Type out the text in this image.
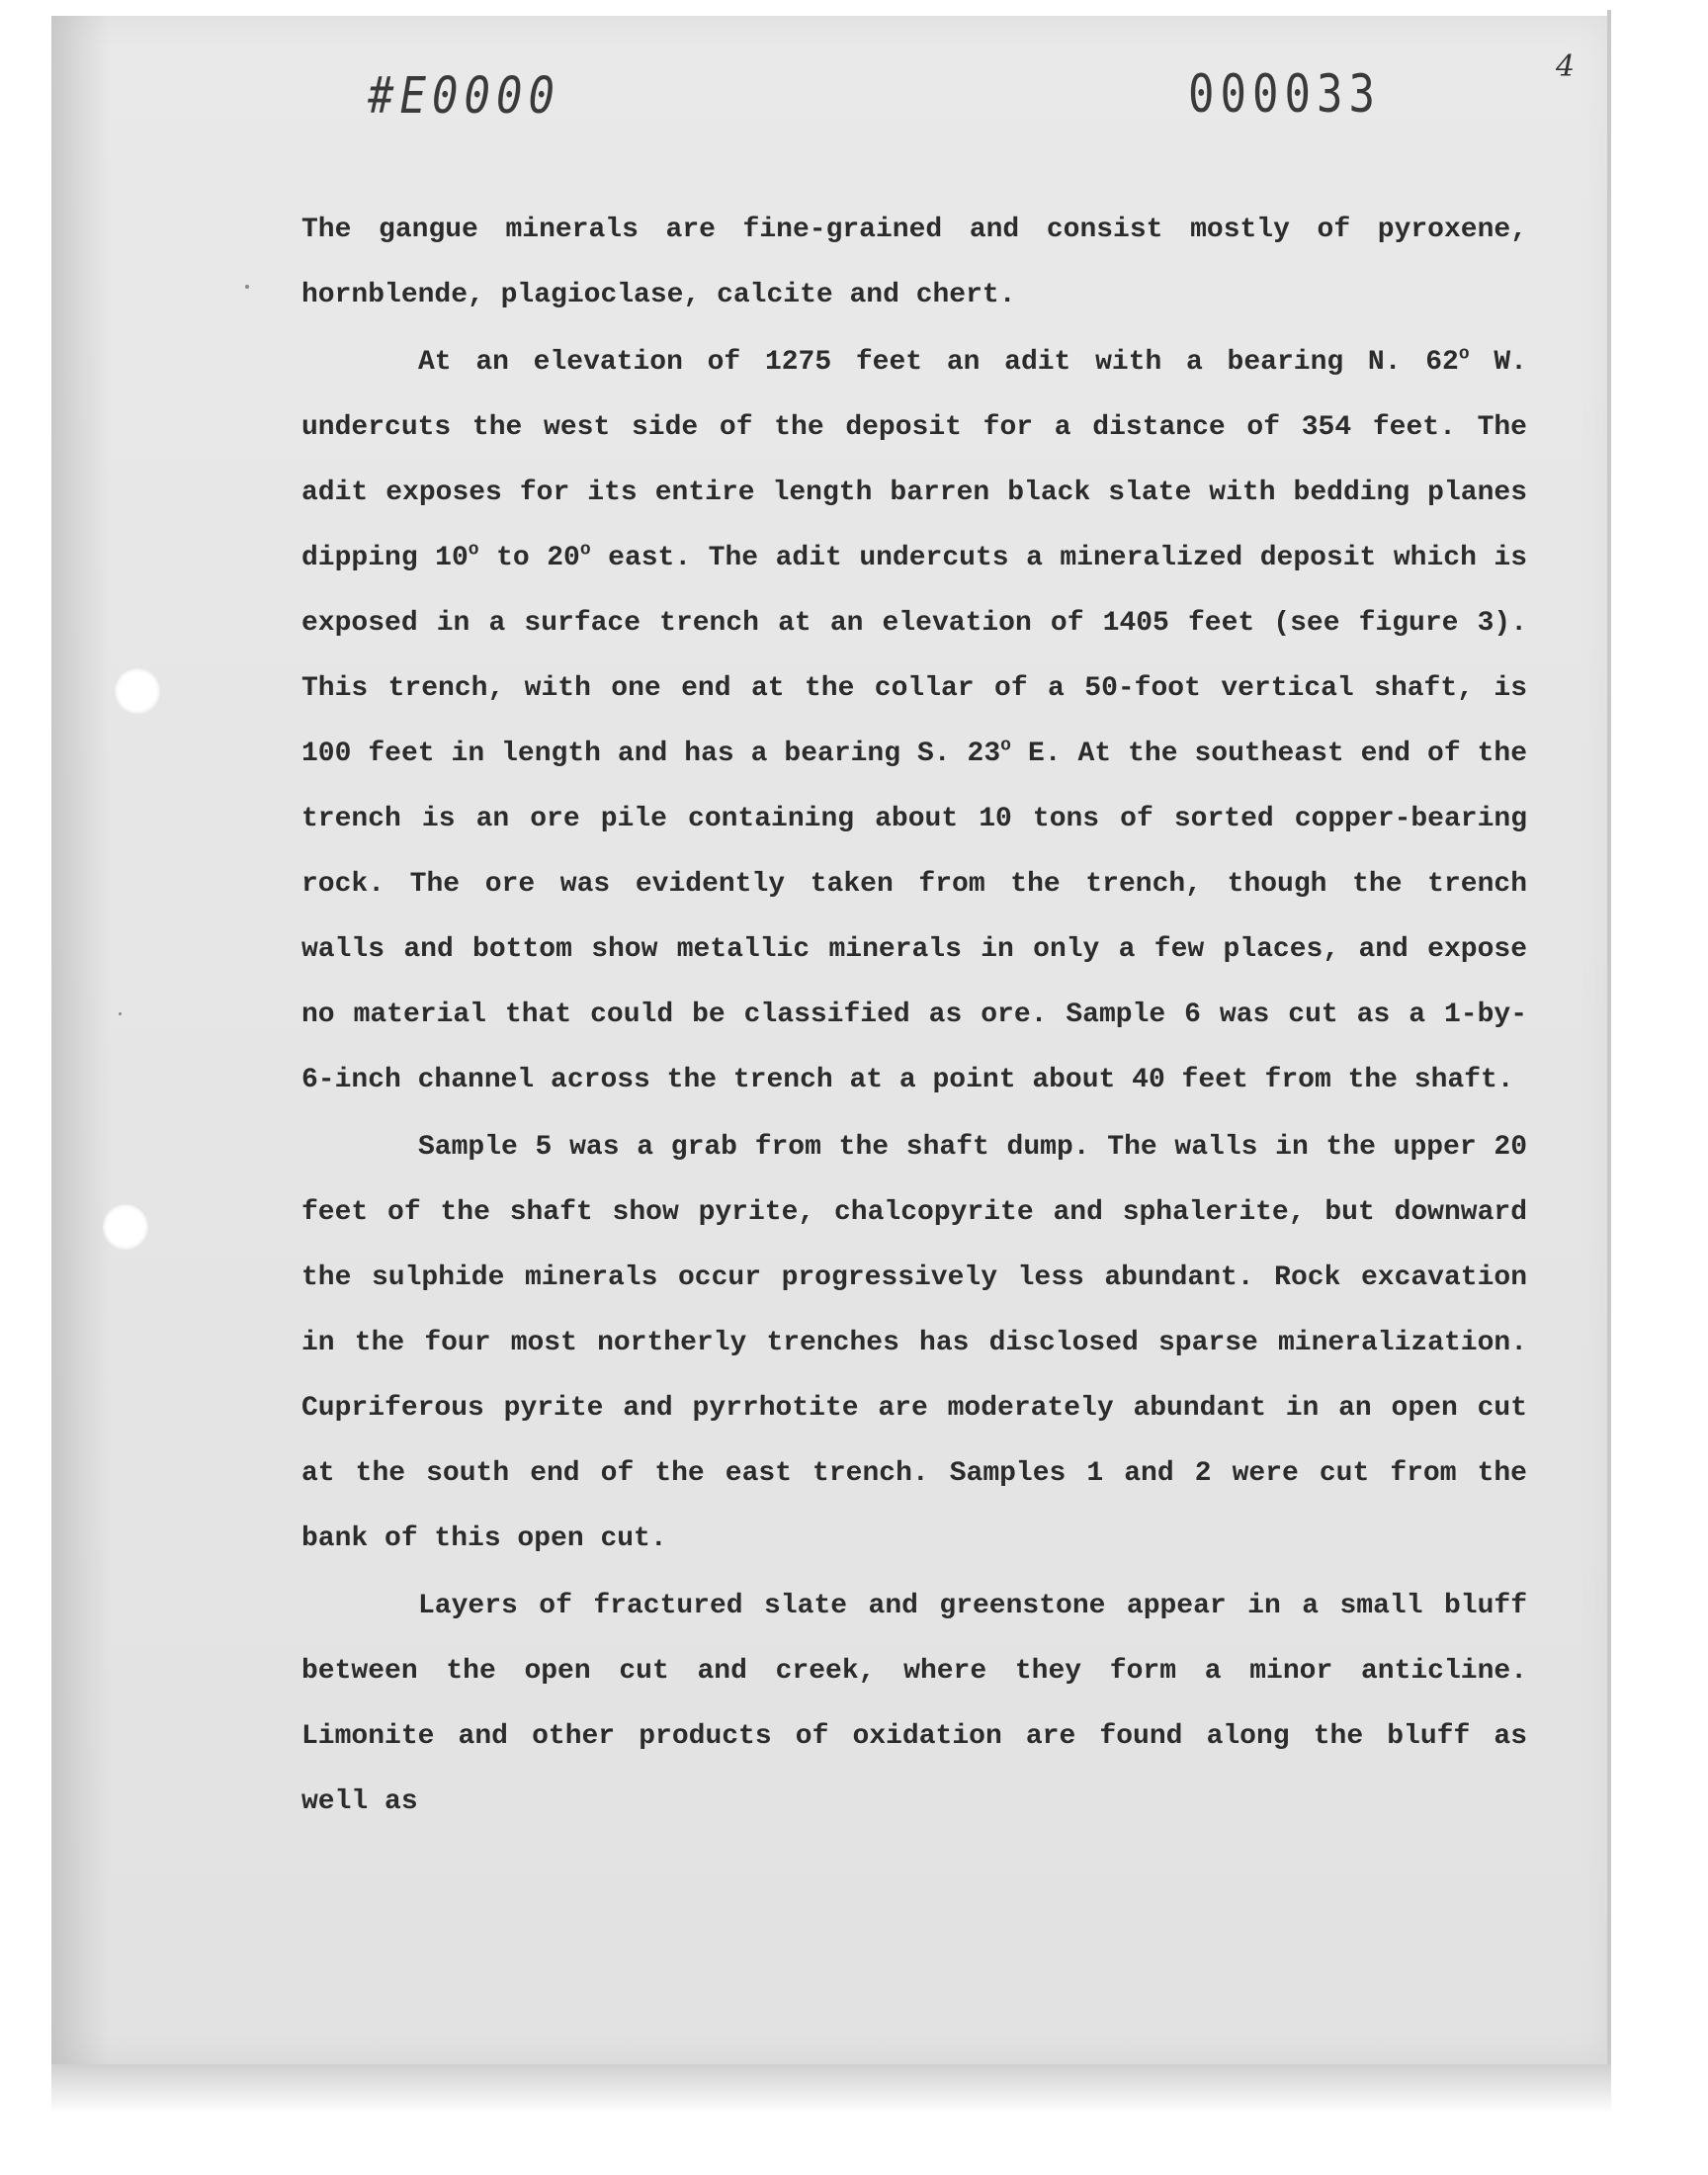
#E0000	000033	4

The gangue minerals are fine-grained and consist mostly of pyroxene, hornblende, plagioclase, calcite and chert.

At an elevation of 1275 feet an adit with a bearing N. 62$^o$ W. undercuts the west side of the deposit for a distance of 354 feet. The adit exposes for its entire length barren black slate with bedding planes dipping 10$^o$ to 20$^o$ east. The adit undercuts a mineralized deposit which is exposed in a surface trench at an elevation of 1405 feet (see figure 3). This trench, with one end at the collar of a 50-foot vertical shaft, is 100 feet in length and has a bearing S. 23$^o$ E. At the southeast end of the trench is an ore pile containing about 10 tons of sorted copper-bearing rock. The ore was evidently taken from the trench, though the trench walls and bottom show metallic minerals in only a few places, and expose no material that could be classified as ore. Sample 6 was cut as a 1-by-6-inch channel across the trench at a point about 40 feet from the shaft.

Sample 5 was a grab from the shaft dump. The walls in the upper 20 feet of the shaft show pyrite, chalcopyrite and sphalerite, but downward the sulphide minerals occur progressively less abundant. Rock excavation in the four most northerly trenches has disclosed sparse mineralization. Cupriferous pyrite and pyrrhotite are moderately abundant in an open cut at the south end of the east trench. Samples 1 and 2 were cut from the bank of this open cut.

Layers of fractured slate and greenstone appear in a small bluff between the open cut and creek, where they form a minor anticline. Limonite and other products of oxidation are found along the bluff as well as
